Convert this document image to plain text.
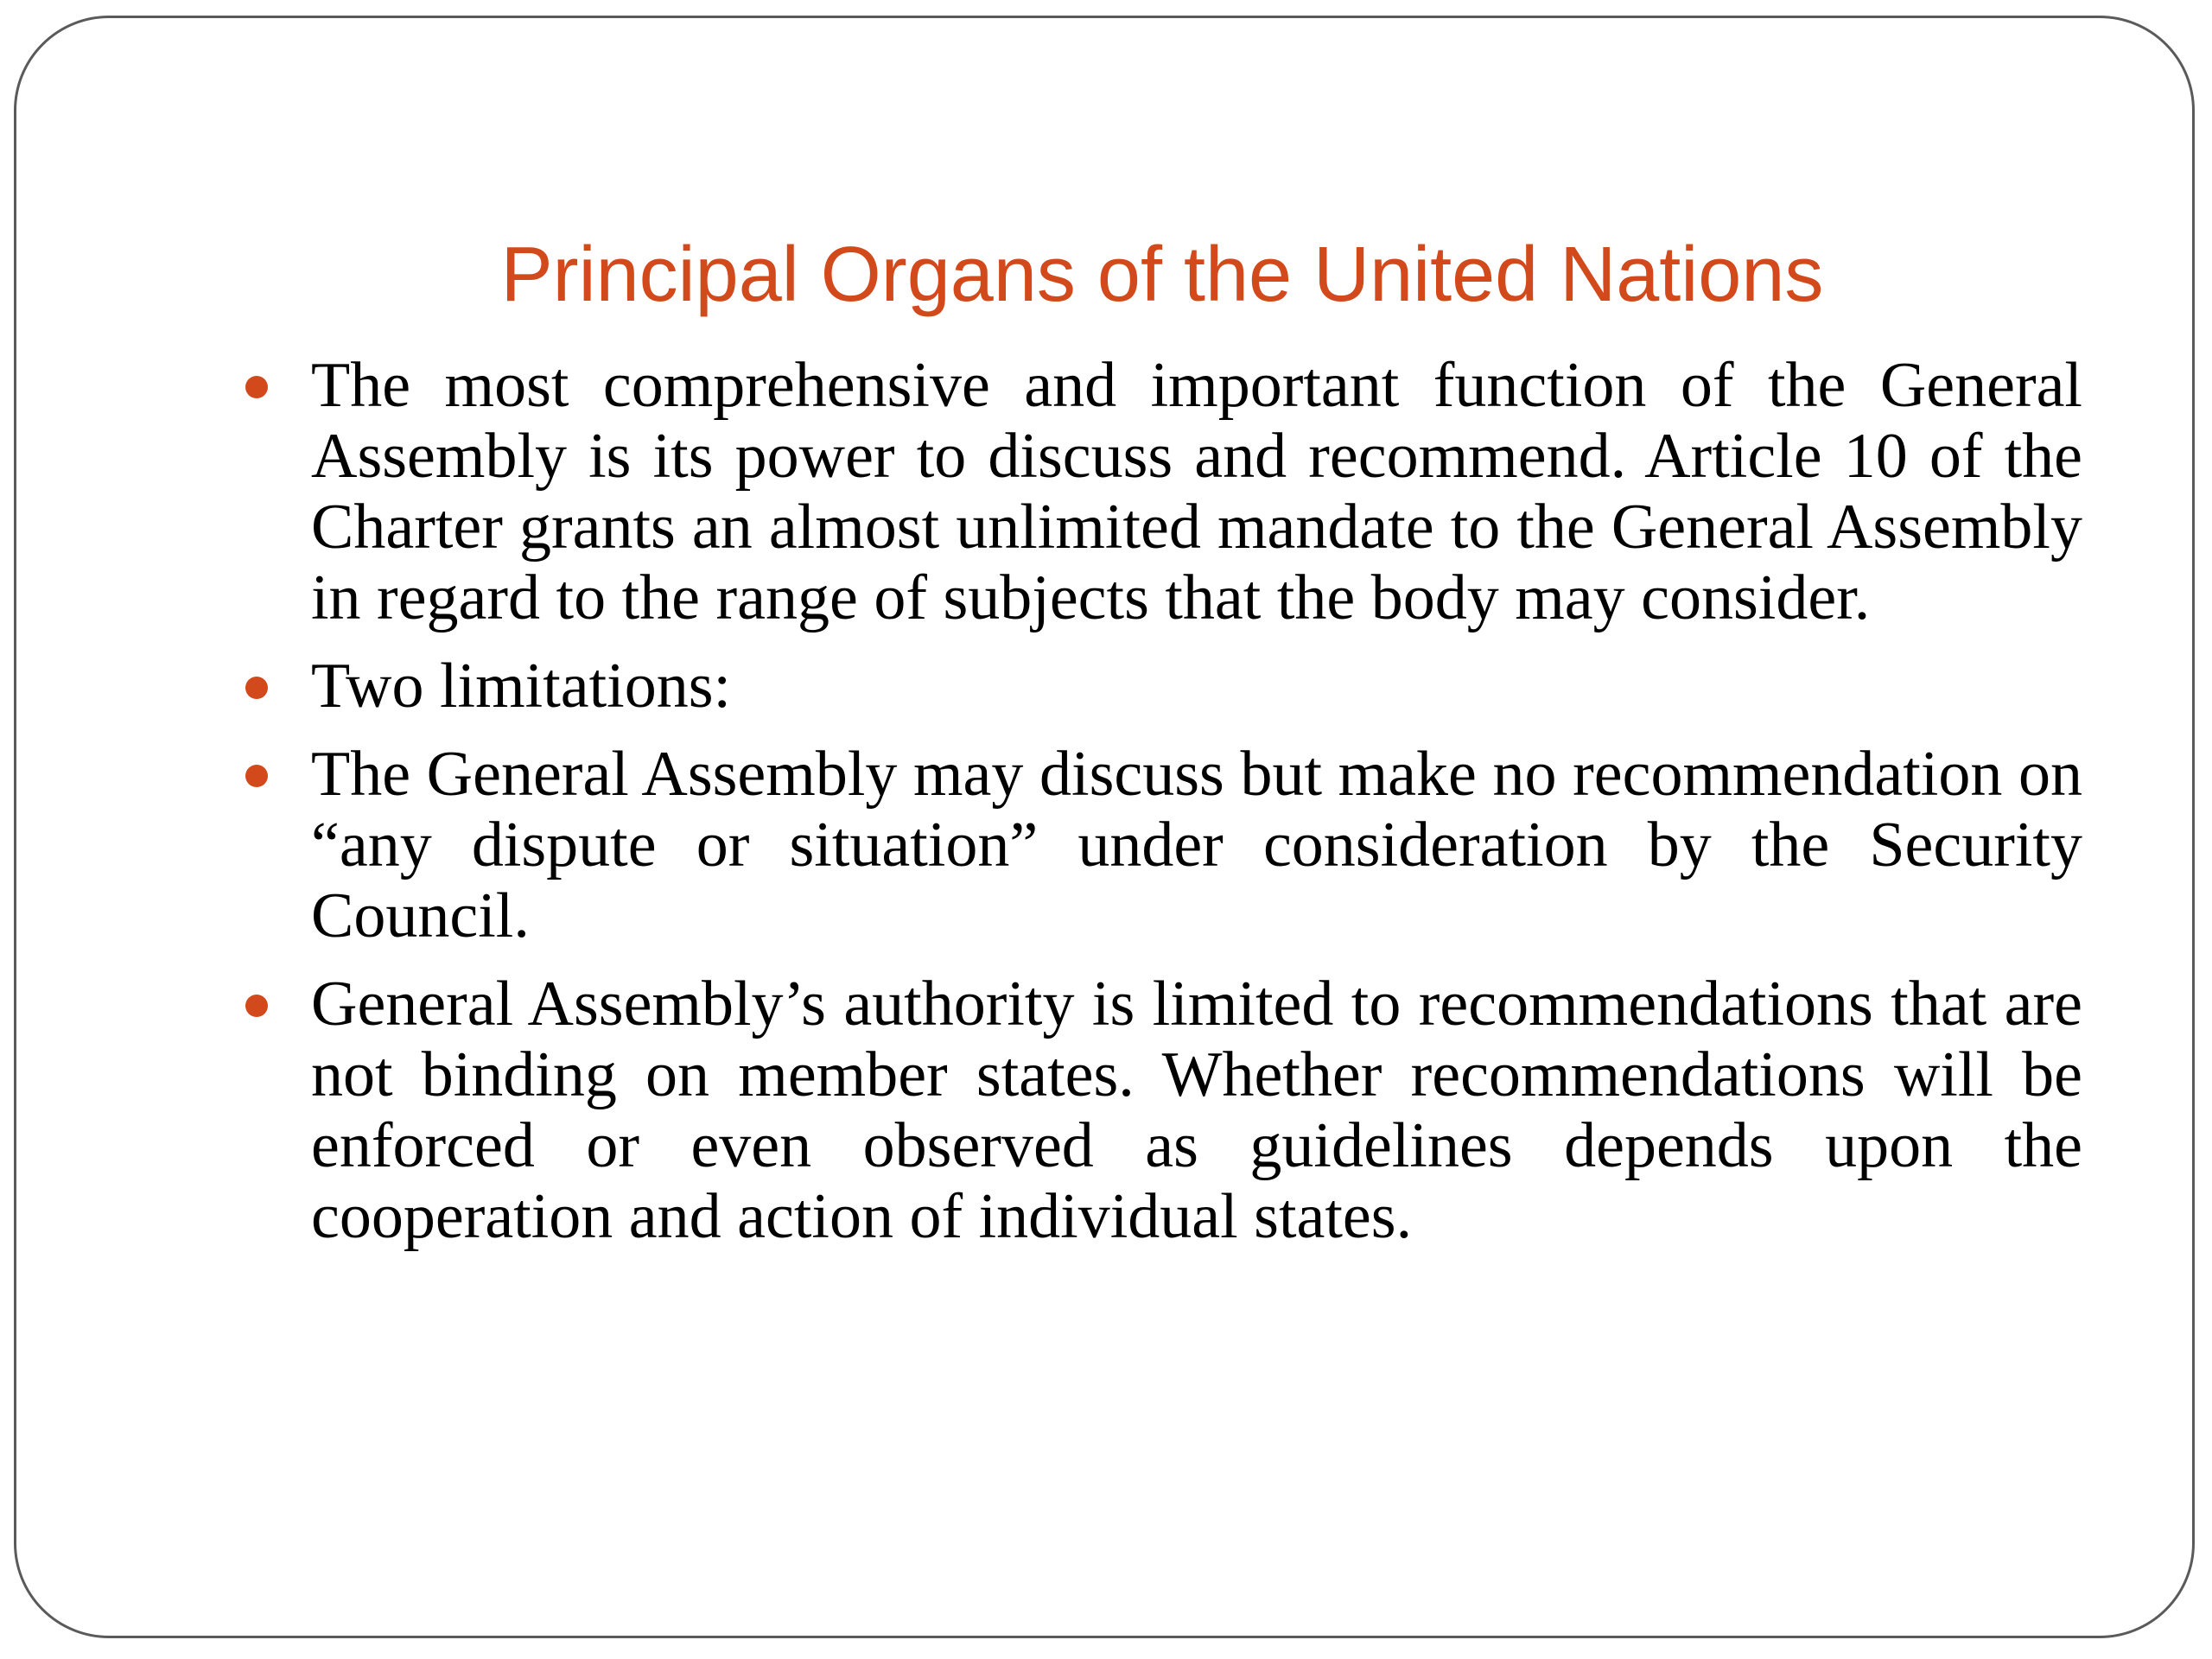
Principal Organs of the United Nations
The most comprehensive and important function of the General Assembly is its power to discuss and recommend. Article 10 of the Charter grants an almost unlimited mandate to the General Assembly in regard to the range of subjects that the body may consider.
Two limitations:
The General Assembly may discuss but make no recommendation on “any dispute or situation” under consideration by the Security Council.
General Assembly’s authority is limited to recommendations that are not binding on member states. Whether recommendations will be enforced or even observed as guidelines depends upon the cooperation and action of individual states.
